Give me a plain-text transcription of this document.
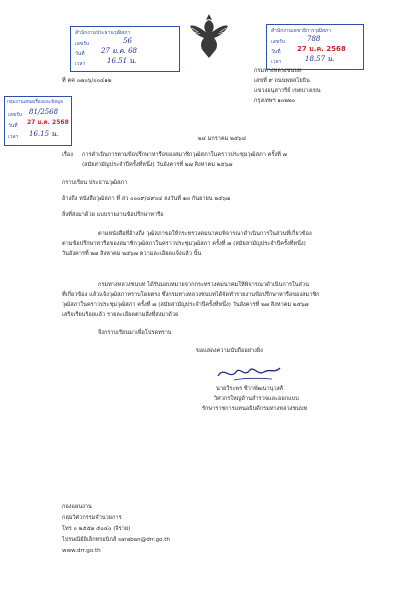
สำนักงานประธานวุฒิสภา
เลขรับ	56
วันที่ 27 ม.ค. 68
เวลา	16.51 น.
สำนักงานเลขาธิการวุฒิสภา
เลขรับ	788
วันที่ 27 ม.ค. 2568
เวลา	18.57 น.
ที่ คค ๐๗๐๖/๐๐๔๑๒
กรมทางหลวงชนบท
เลขที่ ๙ ถนนพหลโยธิน
แขวงอนุสาวรีย์ เขตบางเขน
กรุงเทพฯ ๑๐๒๒๐
กลุ่มงานเสนอเรื่องและข้อมูล
เลขรับ 81/2568
วันที่ 27 ม.ค. 2568
เวลา 16.15 น.
๒๔ มกราคม ๒๕๖๘
เรื่อง การดำเนินการตามข้อปรึกษาหารือของสมาชิกวุฒิสภาในคราวประชุมวุฒิสภา ครั้งที่ ๗
(สมัยสามัญประจำปีครั้งที่หนึ่ง) วันอังคารที่ ๒๗ สิงหาคม ๒๕๖๗
กราบเรียน ประธานวุฒิสภา
อ้างถึง หนังสือวุฒิสภา ที่ สว ๐๐๐๙/๔๙๐๔ ลงวันที่ ๑๓ กันยายน ๒๕๖๗
สิ่งที่ส่งมาด้วย แบบรายงานข้อปรึกษาหารือ
ตามหนังสือที่อ้างถึง วุฒิสภาขอให้กระทรวงคมนาคมพิจารณาดำเนินการในส่วนที่เกี่ยวข้อง
ตามข้อปรึกษาหารือของสมาชิกวุฒิสภาในคราวประชุมวุฒิสภา ครั้งที่ ๗ (สมัยสามัญประจำปีครั้งที่หนึ่ง)
วันอังคารที่ ๒๗ สิงหาคม ๒๕๖๗ ความละเอียดแจ้งแล้ว นั้น
กรมทางหลวงชนบท ได้รับมอบหมายจากกระทรวงคมนาคมให้พิจารณาดำเนินการในส่วน
ที่เกี่ยวข้อง แล้วแจ้งวุฒิสภาทราบโดยตรง ซึ่งกรมทางหลวงชนบทได้จัดทำรายงานข้อปรึกษาหารือของสมาชิก
วุฒิสภาในคราวประชุมวุฒิสภา ครั้งที่ ๗ (สมัยสามัญประจำปีครั้งที่หนึ่ง) วันอังคารที่ ๒๗ สิงหาคม ๒๕๖๗
เสร็จเรียบร้อยแล้ว รายละเอียดตามสิ่งที่ส่งมาด้วย
จึงกราบเรียนมาเพื่อโปรดทราบ
ขอแสดงความนับถืออย่างยิ่ง
นายวีระพร ชีวาพัฒนานุวงศ์
วิศวกรใหญ่ด้านสำรวจและออกแบบ
รักษาราชการแทนอธิบดีกรมทางหลวงชนบท
กองแผนงาน
กลุ่มวิศวกรรมจำนวยการ
โทร ๐ ๒๕๕๑ ๕๐๔๐ (จิราย)
ไปรษณีย์อิเล็กทรอนิกส์ saraban@drr.go.th
www.drr.go.th
